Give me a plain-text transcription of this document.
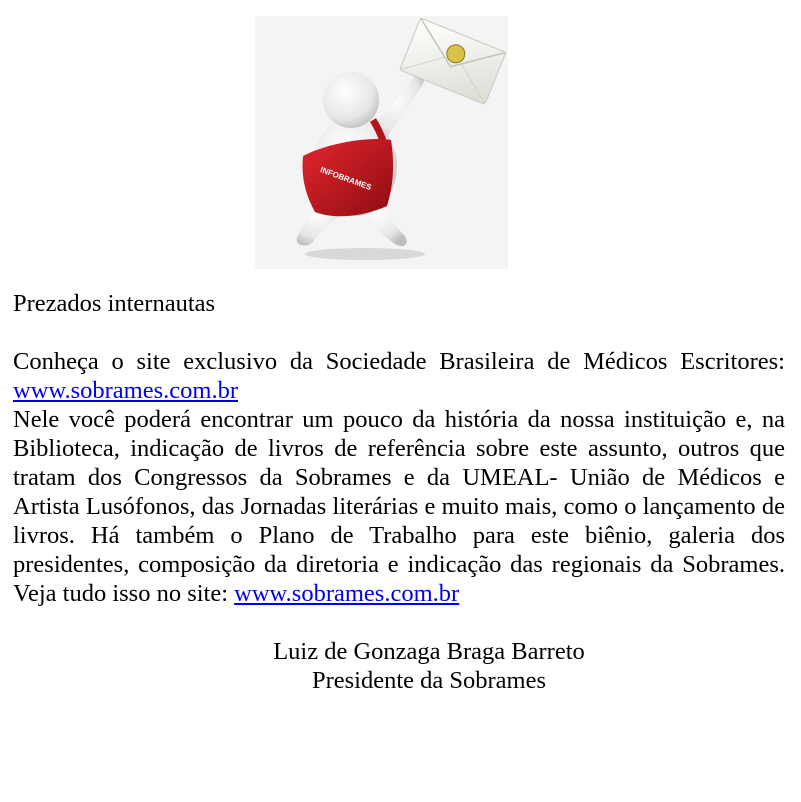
INFOBRAMES

Prezados internautas

Conheça o site exclusivo da Sociedade Brasileira de Médicos Escritores: www.sobrames.com.br

Nele você poderá encontrar um pouco da história da nossa instituição e, na Biblioteca, indicação de livros de referência sobre este assunto, outros que tratam dos Congressos da Sobrames e da UMEAL- União de Médicos e Artista Lusófonos, das Jornadas literárias e muito mais, como o lançamento de livros. Há também o Plano de Trabalho para este biênio, galeria dos presidentes, composição da diretoria e indicação das regionais da Sobrames. Veja tudo isso no site: www.sobrames.com.br

Luiz de Gonzaga Braga Barreto
Presidente da Sobrames
